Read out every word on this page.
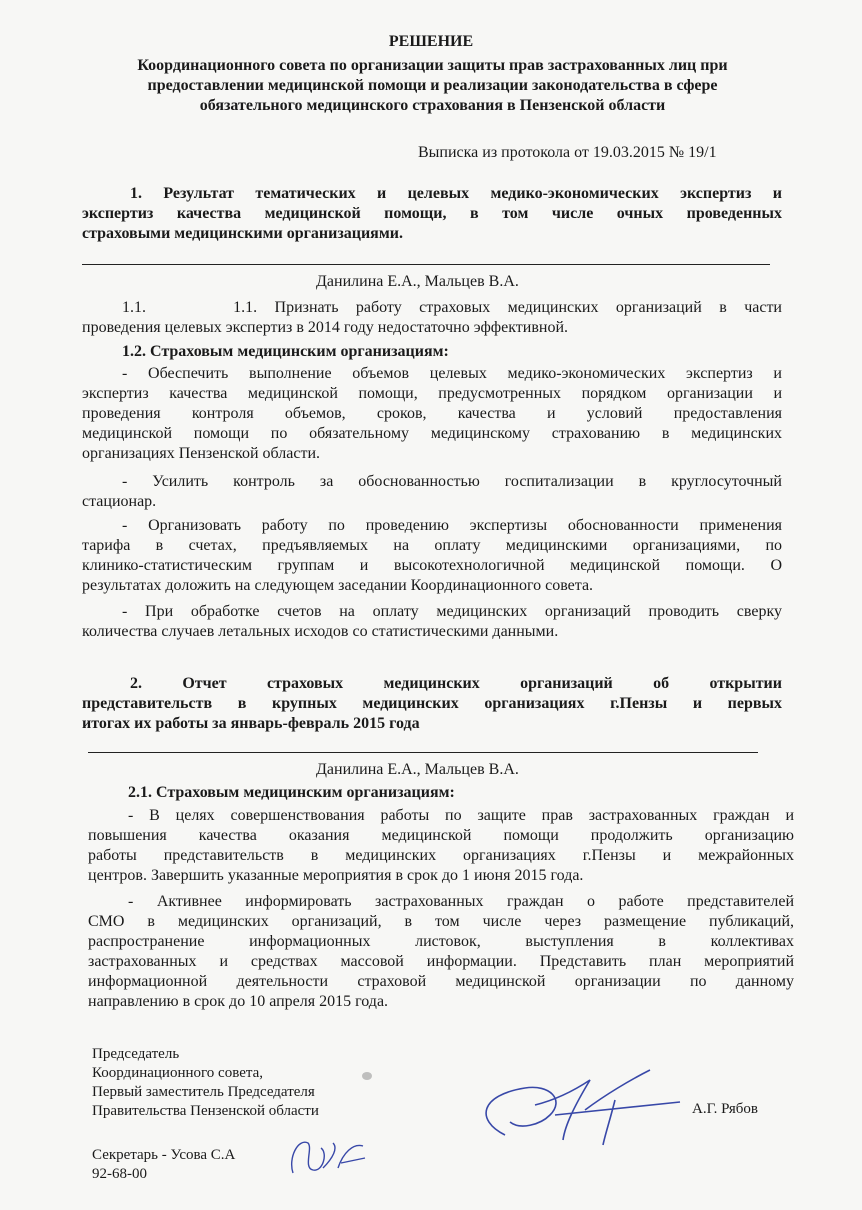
РЕШЕНИЕ
Координационного совета по организации защиты прав застрахованных лиц при
предоставлении медицинской помощи и реализации законодательства в сфере
обязательного медицинского страхования в Пензенской области
Выписка из протокола от 19.03.2015 № 19/1
1. Результат тематических и целевых медико-экономических экспертиз и
экспертиз качества медицинской помощи, в том числе очных проведенных
страховыми медицинскими организациями.
Данилина Е.А., Мальцев В.А.
1.1.     1.1. Признать работу страховых медицинских организаций в части
проведения целевых экспертиз в 2014 году недостаточно эффективной.
1.2. Страховым медицинским организациям:
- Обеспечить выполнение объемов целевых медико-экономических экспертиз и
экспертиз качества медицинской помощи, предусмотренных порядком организации и
проведения контроля объемов, сроков, качества и условий предоставления
медицинской помощи по обязательному медицинскому страхованию в медицинских
организациях Пензенской области.
- Усилить контроль за обоснованностью госпитализации в круглосуточный
стационар.
- Организовать работу по проведению экспертизы обоснованности применения
тарифа в счетах, предъявляемых на оплату медицинскими организациями, по
клинико-статистическим группам и высокотехнологичной медицинской помощи. О
результатах доложить на следующем заседании Координационного совета.
- При обработке счетов на оплату медицинских организаций проводить сверку
количества случаев летальных исходов со статистическими данными.
2.     Отчет     страховых     медицинских     организаций     об     открытии
представительств в крупных медицинских организациях г.Пензы и первых
итогах их работы за январь-февраль 2015 года
Данилина Е.А., Мальцев В.А.
2.1. Страховым медицинским организациям:
- В целях совершенствования работы по защите прав застрахованных граждан и
повышения качества оказания медицинской помощи продолжить организацию
работы представительств в медицинских организациях г.Пензы и межрайонных
центров. Завершить указанные мероприятия в срок до 1 июня 2015 года.
- Активнее информировать застрахованных граждан о работе представителей
СМО в медицинских организаций, в том числе через размещение публикаций,
распространение информационных листовок, выступления в коллективах
застрахованных и средствах массовой информации. Представить план мероприятий
информационной деятельности страховой медицинской организации по данному
направлению в срок до 10 апреля 2015 года.
Председатель
Координационного совета,
Первый заместитель Председателя
Правительства Пензенской области	А.Г. Рябов
Секретарь - Усова С.А
92-68-00
